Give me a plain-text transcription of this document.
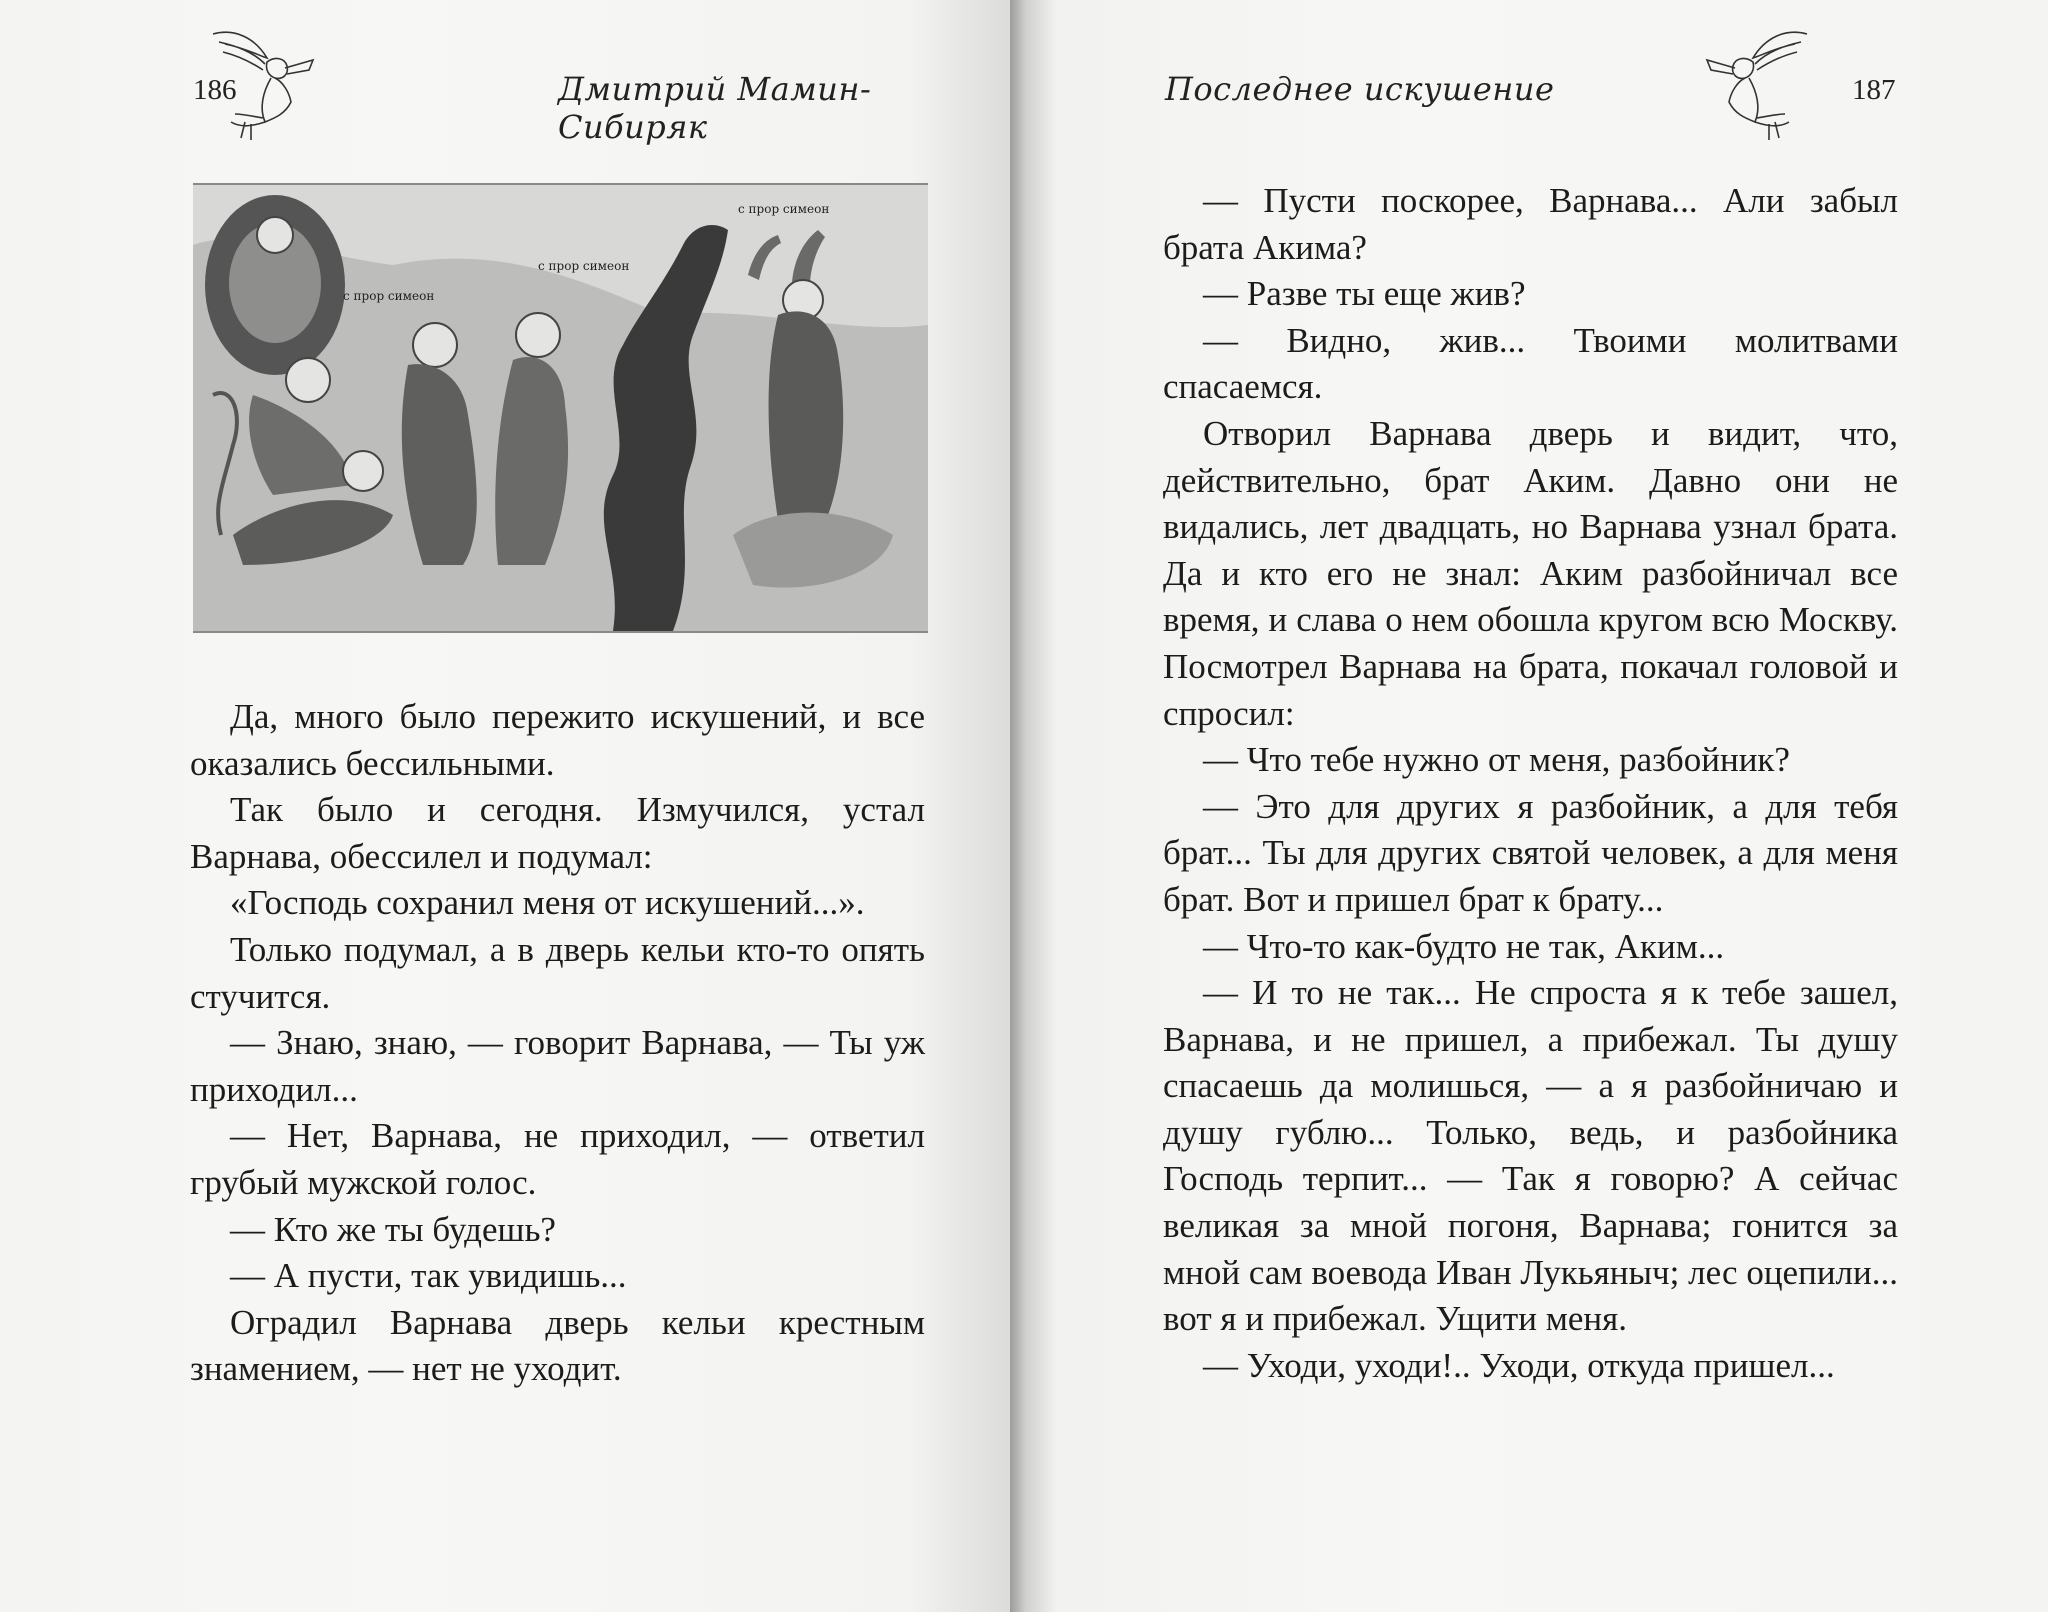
186	Дмитрий Мамин-Сибиряк
с прор симеон
с прор симеон
с прор симеон

Да, много было пережито искушений, и все оказались бессильными.

Так было и сегодня. Измучился, устал Варнава, обессилел и подумал:

«Господь сохранил меня от искушений...».

Только подумал, а в дверь кельи кто-то опять стучится.

— Знаю, знаю, — говорит Варнава, — Ты уж приходил...

— Нет, Варнава, не приходил, — ответил грубый мужской голос.

— Кто же ты будешь?

— А пусти, так увидишь...

Оградил Варнава дверь кельи крестным знамением, — нет не уходит.

Последнее искушение	187

— Пусти поскорее, Варнава... Али забыл брата Акима?

— Разве ты еще жив?

— Видно, жив... Твоими молитвами спасаемся.

Отворил Варнава дверь и видит, что, действительно, брат Аким. Давно они не видались, лет двадцать, но Варнава узнал брата. Да и кто его не знал: Аким разбойничал все время, и слава о нем обошла кругом всю Москву. Посмотрел Варнава на брата, покачал головой и спросил:

— Что тебе нужно от меня, разбойник?

— Это для других я разбойник, а для тебя брат... Ты для других святой человек, а для меня брат. Вот и пришел брат к брату...

— Что-то как-будто не так, Аким...

— И то не так... Не спроста я к тебе зашел, Варнава, и не пришел, а прибежал. Ты душу спасаешь да молишься, — а я разбойничаю и душу гублю... Только, ведь, и разбойника Господь терпит... — Так я говорю? А сейчас великая за мной погоня, Варнава; гонится за мной сам воевода Иван Лукьяныч; лес оцепили... вот я и прибежал. Ущити меня.

— Уходи, уходи!.. Уходи, откуда пришел...
